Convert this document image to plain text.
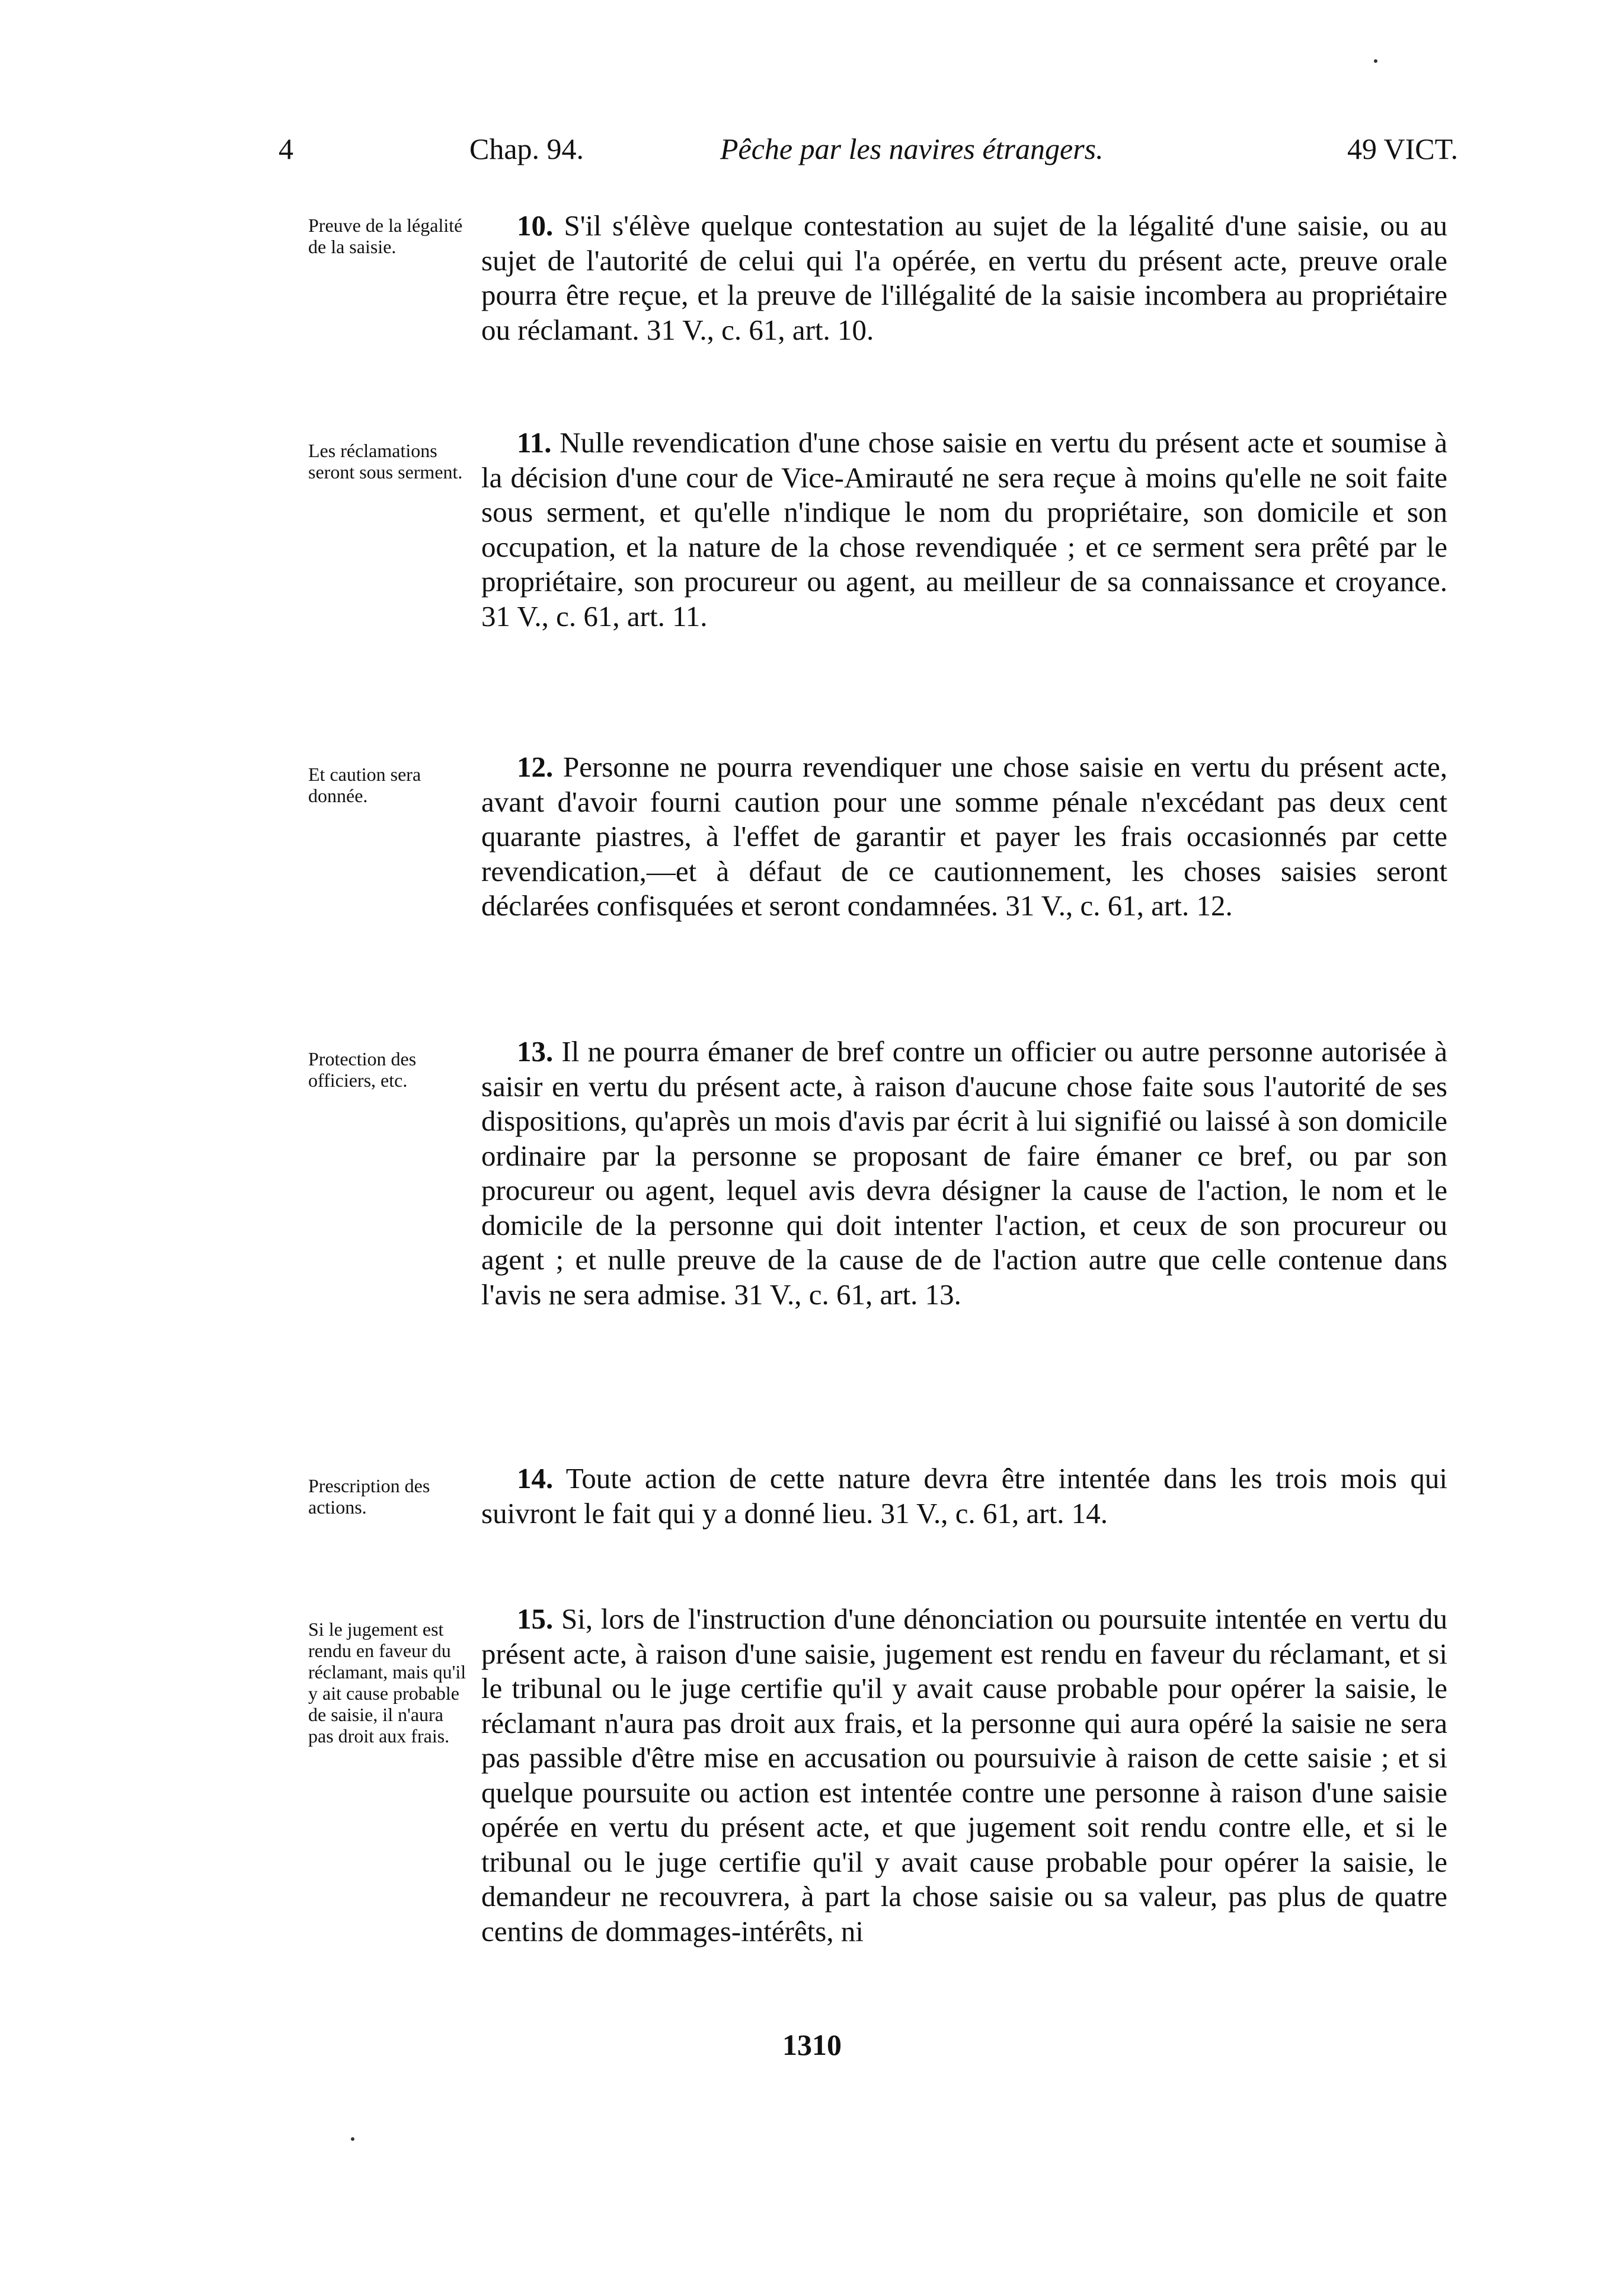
4	Chap. 94.	Pêche par les navires étrangers.	49 VICT.
Preuve de la légalité de la saisie.
10. S'il s'élève quelque contestation au sujet de la légalité d'une saisie, ou au sujet de l'autorité de celui qui l'a opérée, en vertu du présent acte, preuve orale pourra être reçue, et la preuve de l'illégalité de la saisie incombera au propriétaire ou réclamant. 31 V., c. 61, art. 10.
Les réclamations seront sous serment.
11. Nulle revendication d'une chose saisie en vertu du présent acte et soumise à la décision d'une cour de Vice-Amirauté ne sera reçue à moins qu'elle ne soit faite sous serment, et qu'elle n'indique le nom du propriétaire, son domicile et son occupation, et la nature de la chose revendiquée ; et ce serment sera prêté par le propriétaire, son procureur ou agent, au meilleur de sa connaissance et croyance. 31 V., c. 61, art. 11.
Et caution sera donnée.
12. Personne ne pourra revendiquer une chose saisie en vertu du présent acte, avant d'avoir fourni caution pour une somme pénale n'excédant pas deux cent quarante piastres, à l'effet de garantir et payer les frais occasionnés par cette revendication,—et à défaut de ce cautionnement, les choses saisies seront déclarées confisquées et seront condamnées. 31 V., c. 61, art. 12.
Protection des officiers, etc.
13. Il ne pourra émaner de bref contre un officier ou autre personne autorisée à saisir en vertu du présent acte, à raison d'aucune chose faite sous l'autorité de ses dispositions, qu'après un mois d'avis par écrit à lui signifié ou laissé à son domicile ordinaire par la personne se proposant de faire émaner ce bref, ou par son procureur ou agent, lequel avis devra désigner la cause de l'action, le nom et le domicile de la personne qui doit intenter l'action, et ceux de son procureur ou agent ; et nulle preuve de la cause de de l'action autre que celle contenue dans l'avis ne sera admise. 31 V., c. 61, art. 13.
Prescription des actions.
14. Toute action de cette nature devra être intentée dans les trois mois qui suivront le fait qui y a donné lieu. 31 V., c. 61, art. 14.
Si le jugement est rendu en faveur du réclamant, mais qu'il y ait cause probable de saisie, il n'aura pas droit aux frais.
15. Si, lors de l'instruction d'une dénonciation ou poursuite intentée en vertu du présent acte, à raison d'une saisie, jugement est rendu en faveur du réclamant, et si le tribunal ou le juge certifie qu'il y avait cause probable pour opérer la saisie, le réclamant n'aura pas droit aux frais, et la personne qui aura opéré la saisie ne sera pas passible d'être mise en accusation ou poursuivie à raison de cette saisie ; et si quelque poursuite ou action est intentée contre une personne à raison d'une saisie opérée en vertu du présent acte, et que jugement soit rendu contre elle, et si le tribunal ou le juge certifie qu'il y avait cause probable pour opérer la saisie, le demandeur ne recouvrera, à part la chose saisie ou sa valeur, pas plus de quatre centins de dommages-intérêts, ni
1310
